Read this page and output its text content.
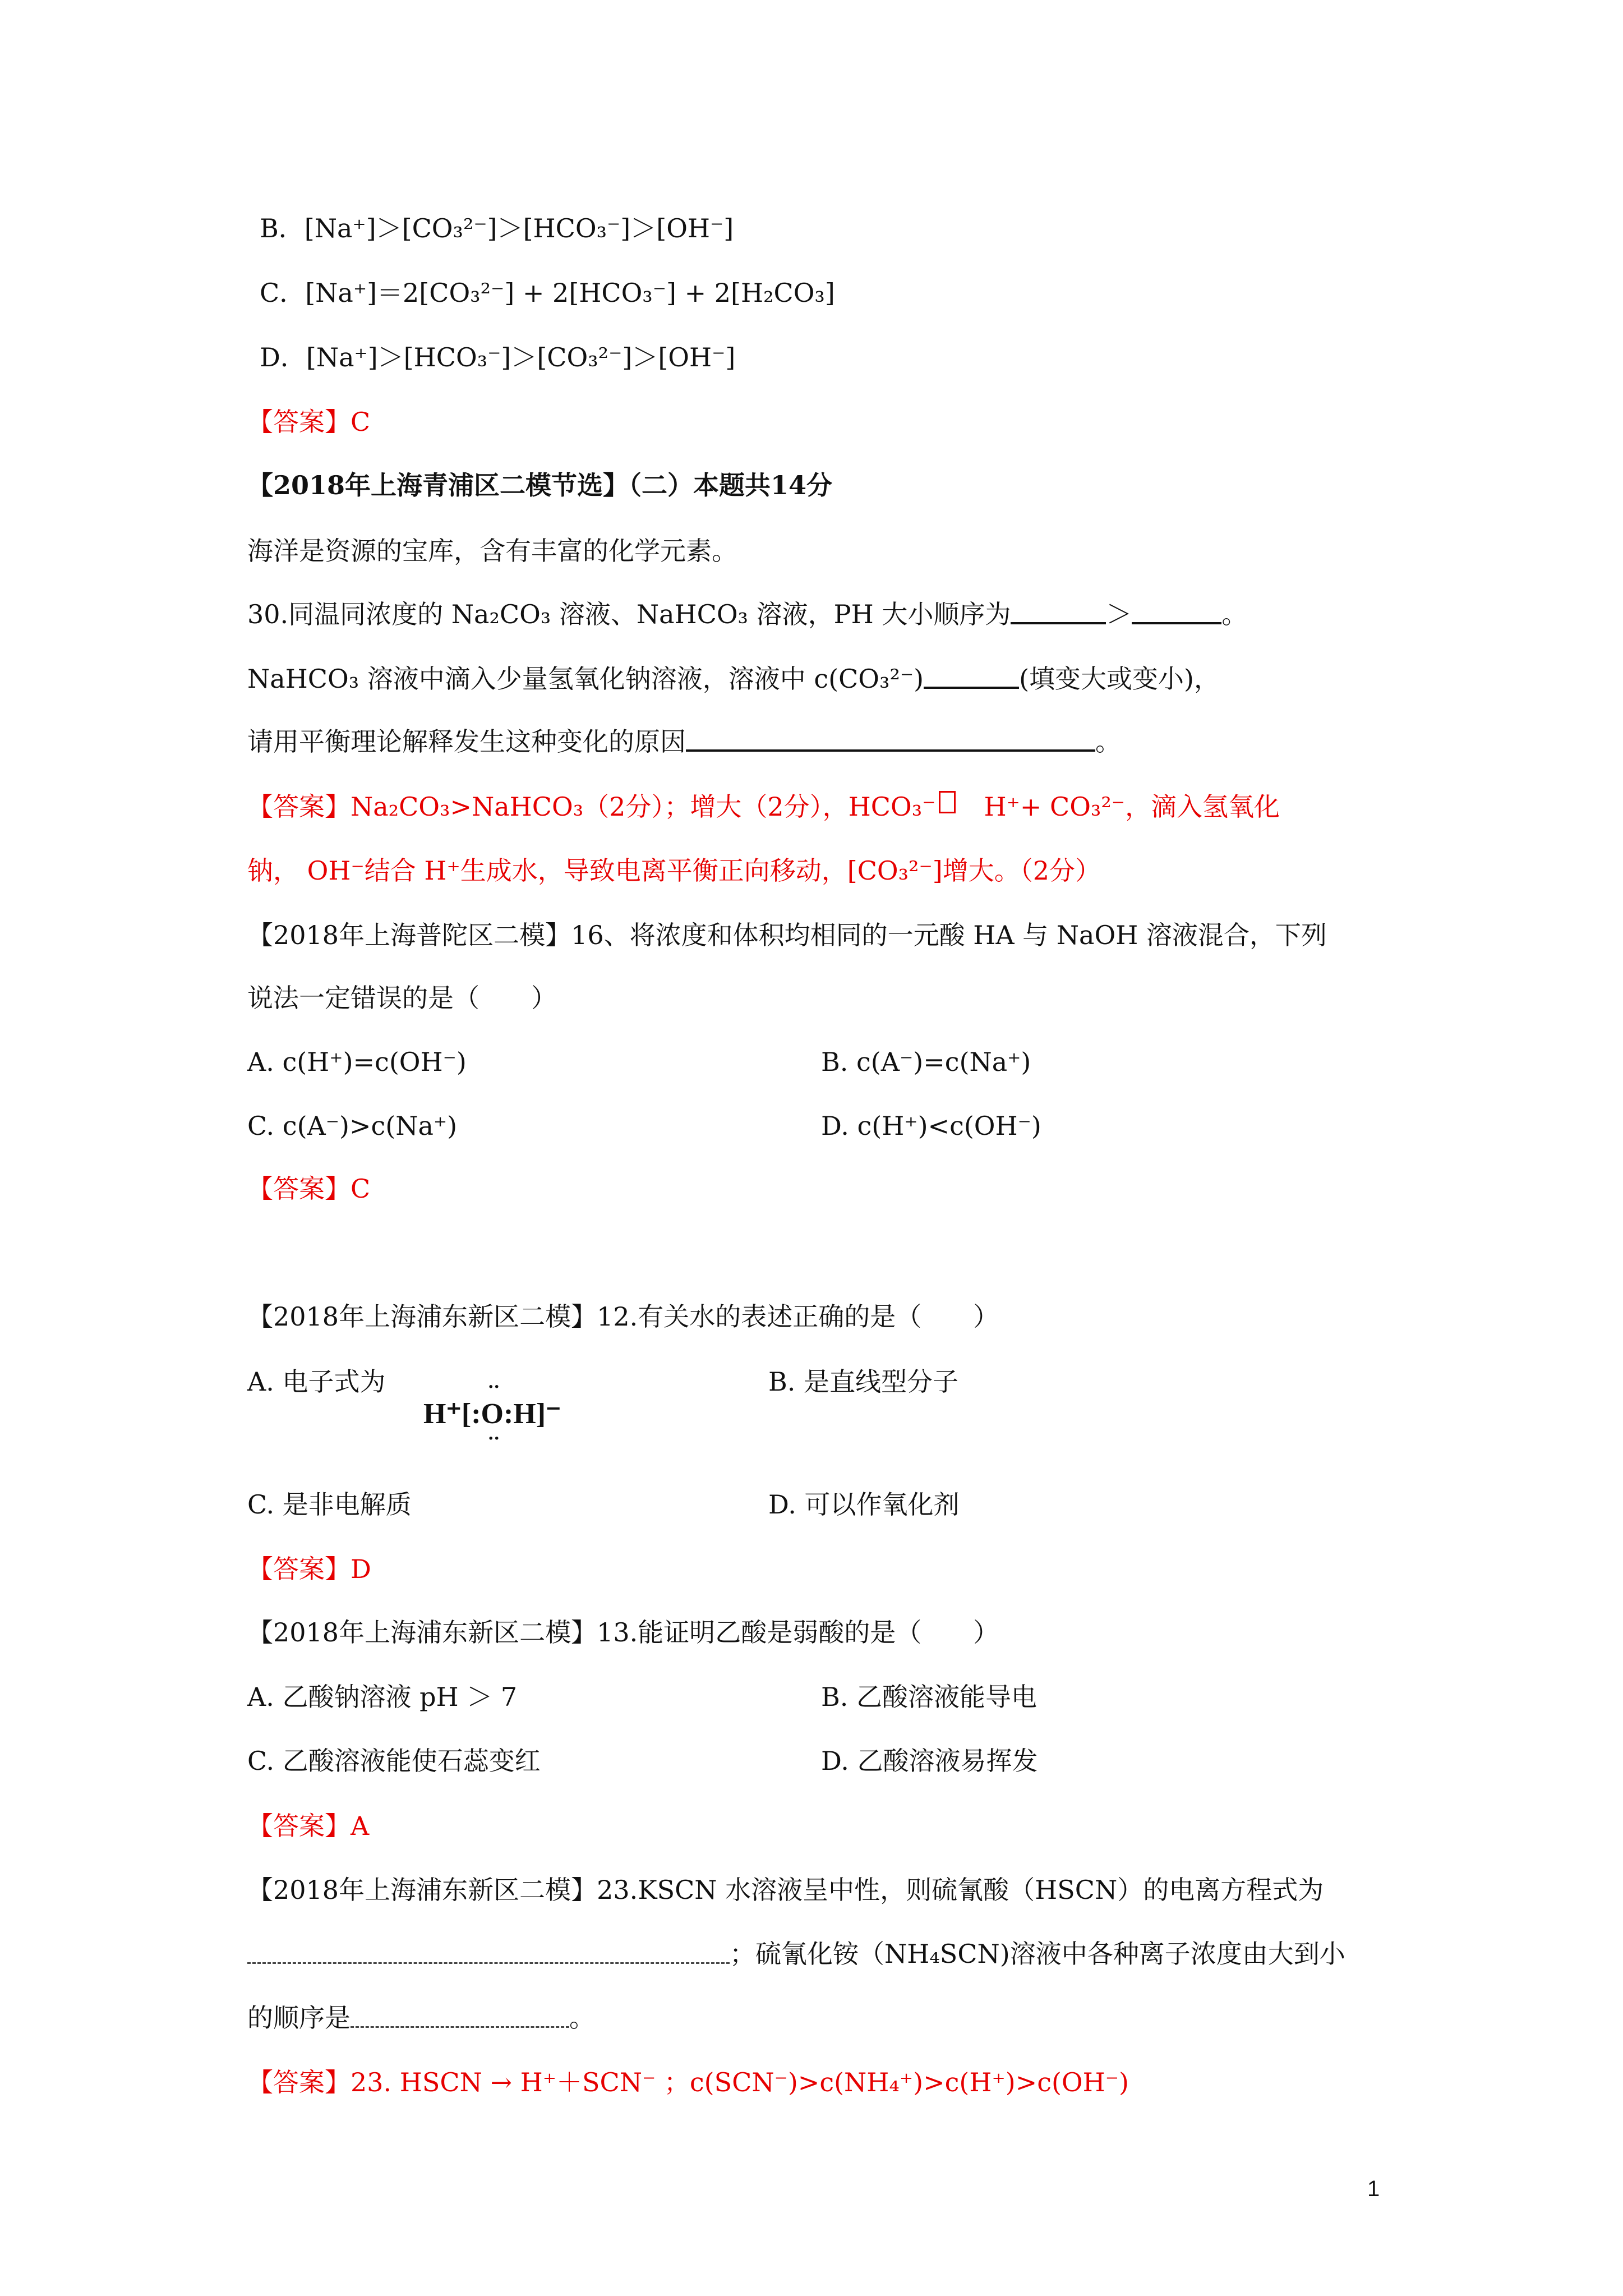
B．[Na⁺]＞[CO₃²⁻]＞[HCO₃⁻]＞[OH⁻]
C．[Na⁺]＝2[CO₃²⁻] + 2[HCO₃⁻] + 2[H₂CO₃]
D．[Na⁺]＞[HCO₃⁻]＞[CO₃²⁻]＞[OH⁻]
【答案】C
【2018年上海青浦区二模节选】（二）本题共14分
海洋是资源的宝库，含有丰富的化学元素。
30.同温同浓度的 Na₂CO₃ 溶液、NaHCO₃ 溶液，PH 大小顺序为	＞	。
NaHCO₃ 溶液中滴入少量氢氧化钠溶液，溶液中 c(CO₃²⁻)	(填变大或变小)，
请用平衡理论解释发生这种变化的原因	。
【答案】Na₂CO₃>NaHCO₃（2分）；增大（2分），HCO₃⁻ H⁺+ CO₃²⁻，滴入氢氧化
钠， OH⁻结合 H⁺生成水，导致电离平衡正向移动，[CO₃²⁻]增大。（2分）
【2018年上海普陀区二模】16、将浓度和体积均相同的一元酸 HA 与 NaOH 溶液混合，下列
说法一定错误的是（　　）
A. c(H⁺)=c(OH⁻)	B. c(A⁻)=c(Na⁺)
C. c(A⁻)>c(Na⁺)	D. c(H⁺)<c(OH⁻)
【答案】C
【2018年上海浦东新区二模】12.有关水的表述正确的是（　　）
A. 电子式为	··
H⁺[:O:H]⁻
··
B. 是直线型分子
C. 是非电解质	D. 可以作氧化剂
【答案】D
【2018年上海浦东新区二模】13.能证明乙酸是弱酸的是（　　）
A. 乙酸钠溶液 pH ＞ 7	B. 乙酸溶液能导电
C. 乙酸溶液能使石蕊变红	D. 乙酸溶液易挥发
【答案】A
【2018年上海浦东新区二模】23.KSCN 水溶液呈中性，则硫氰酸（HSCN）的电离方程式为
；硫氰化铵（NH₄SCN)溶液中各种离子浓度由大到小
的顺序是	。
【答案】23. HSCN → H⁺＋SCN⁻ ；c(SCN⁻)>c(NH₄⁺)>c(H⁺)>c(OH⁻)
1
